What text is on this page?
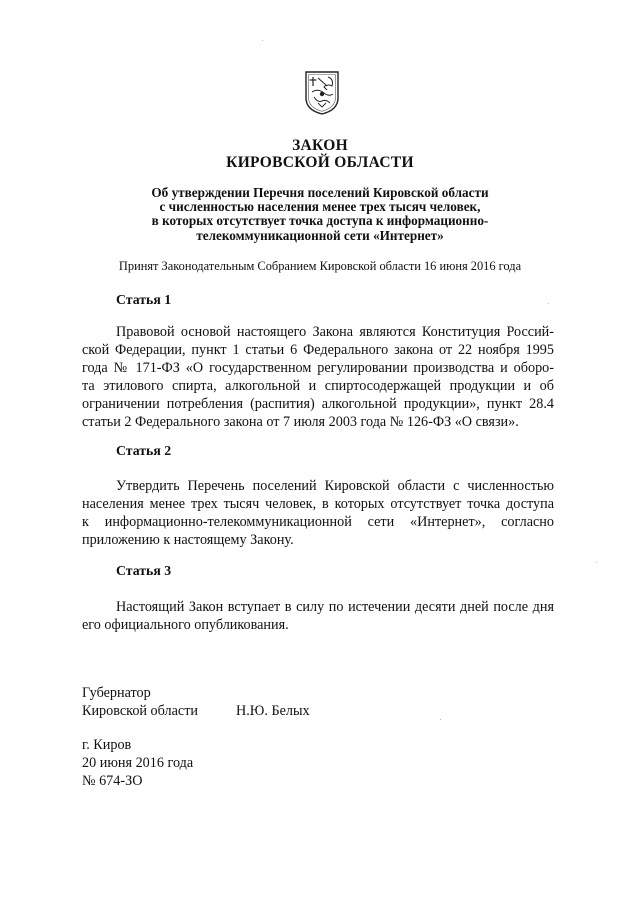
ЗАКОН
КИРОВСКОЙ ОБЛАСТИ
Об утверждении Перечня поселений Кировской области
с численностью населения менее трех тысяч человек,
в которых отсутствует точка доступа к информационно-
телекоммуникационной сети «Интернет»
Принят Законодательным Собранием Кировской области 16 июня 2016 года
Статья 1
Правовой основой настоящего Закона являются Конституция Россий-
ской Федерации, пункт 1 статьи 6 Федерального закона от 22 ноября 1995
года № 171-ФЗ «О государственном регулировании производства и оборо-
та этилового спирта, алкогольной и спиртосодержащей продукции и об
ограничении потребления (распития) алкогольной продукции», пункт 28.4
статьи 2 Федерального закона от 7 июля 2003 года № 126-ФЗ «О связи».
Статья 2
Утвердить Перечень поселений Кировской области с численностью
населения менее трех тысяч человек, в которых отсутствует точка доступа
к информационно-телекоммуникационной сети «Интернет», согласно
приложению к настоящему Закону.
Статья 3
Настоящий Закон вступает в силу по истечении десяти дней после дня
его официального опубликования.
Губернатор
Кировской области	Н.Ю. Белых
г. Киров
20 июня 2016 года
№ 674-ЗО
